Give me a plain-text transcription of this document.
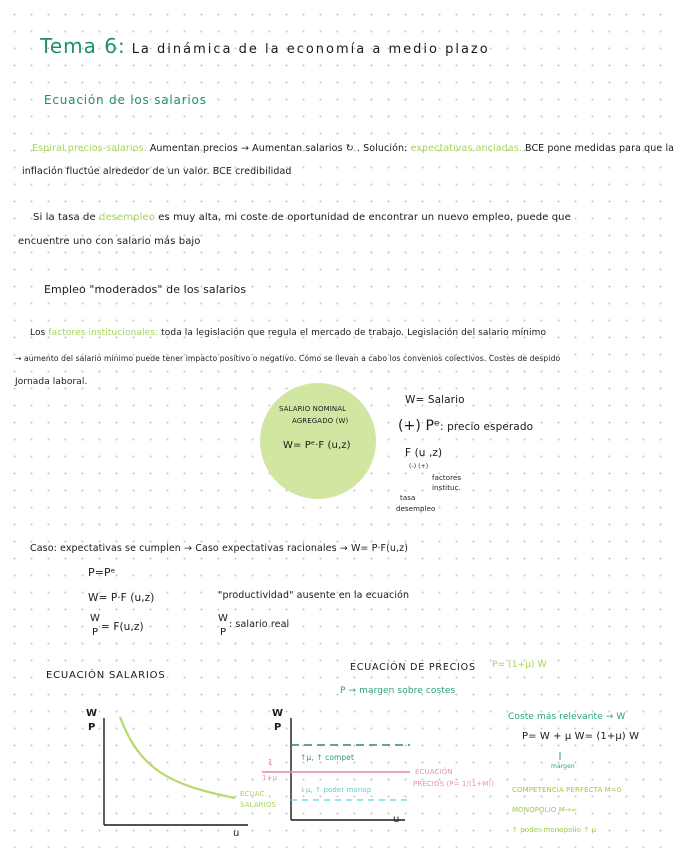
Tema 6: La dinámica de la economía a medio plazo
Ecuación de los salarios
Espiral precios-salarios. Aumentan precios → Aumentan salarios ↻ . Solución: expectativas ancladas. BCE pone medidas para que la
inflación fluctúe alrededor de un valor. BCE credibilidad
Si la tasa de desempleo es muy alta, mi coste de oportunidad de encontrar un nuevo empleo, puede que
encuentre uno con salario más bajo
Empleo "moderados" de los salarios
Los factores institucionales: toda la legislación que regula el mercado de trabajo. Legislación del salario mínimo
→ aumento del salario mínimo puede tener impacto positivo o negativo. Cómo se llevan a cabo los convenios colectivos. Costes de despido
Jornada laboral.
SALARIO NOMINAL
AGREGADO (W)
W= Pᵉ·F (u,z)
W= Salario
(+) Pᵉ: precio esperado
F (u ,z)
(-) (+)
factores
instituc.
tasa
desempleo
Caso: expectativas se cumplen → Caso expectativas racionales → W= P·F(u,z)
P=Pᵉ
W= P·F (u,z)	"productividad" ausente en la ecuación
W
P = F(u,z)
W
P
: salario real
ECUACIÓN SALARIOS
ECUACIÓN DE PRECIOS P= (1+μ) W
P → margen sobre costes
W
P
u
ECUAC.
SALARIOS
W
P
u
1
1+μ
↑μ, ↑ compet
↓μ, ↑ poder monop
ECUACIÓN
PRECIOS (P= 1/(1+Μ))
Coste más relevante → W
P= W + μ W= (1+μ) W
margen
COMPETENCIA PERFECTA Μ=0
MONOPOLIO Μ→∞
↑ poder monopolio ↑ μ
